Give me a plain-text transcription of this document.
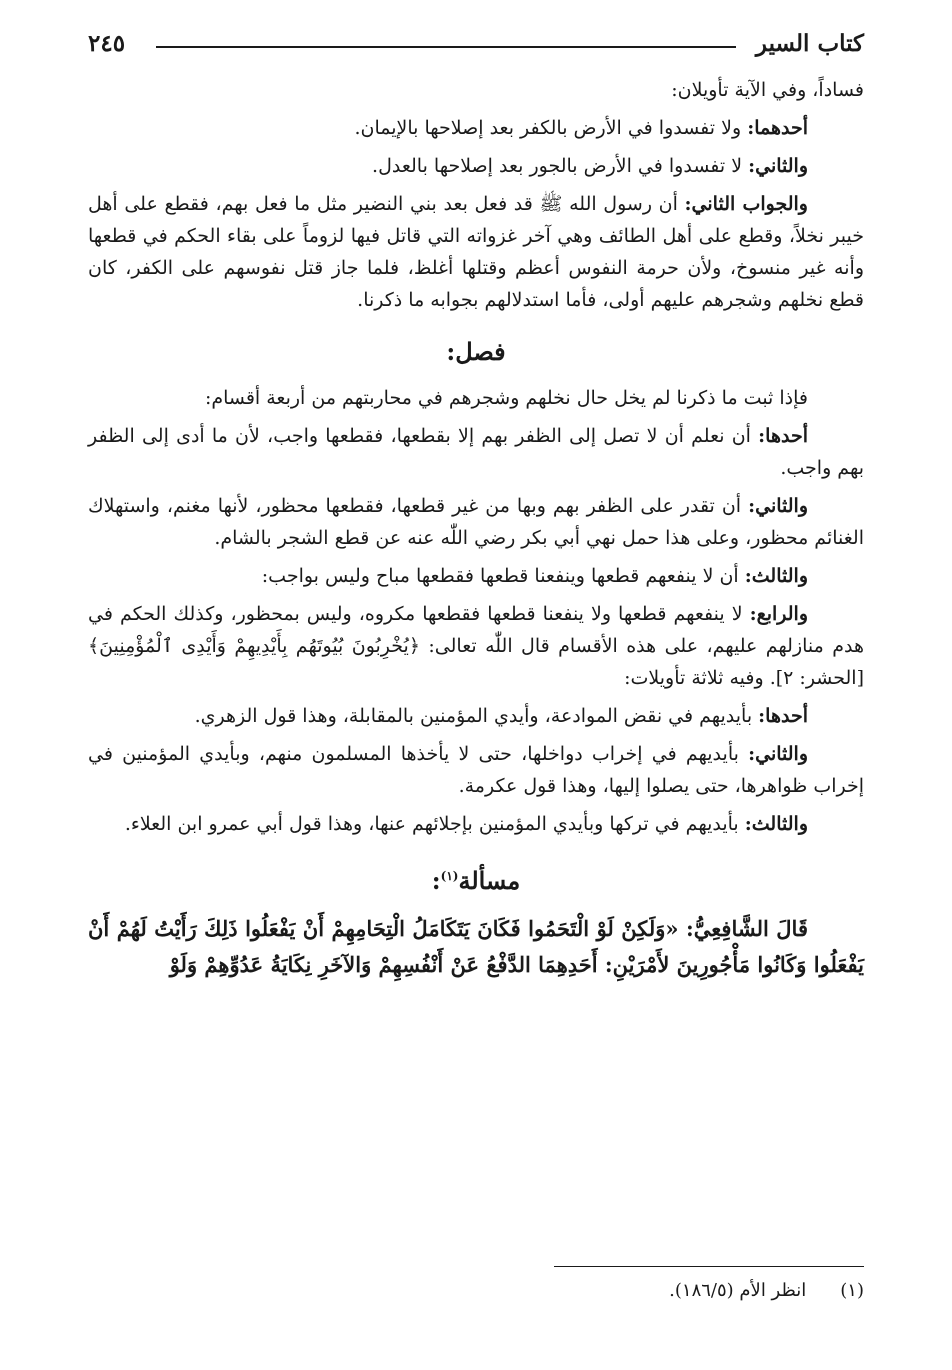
كتاب السير
٢٤٥

فساداً، وفي الآية تأويلان:

أحدهما: ولا تفسدوا في الأرض بالكفر بعد إصلاحها بالإيمان.

والثاني: لا تفسدوا في الأرض بالجور بعد إصلاحها بالعدل.

والجواب الثاني: أن رسول الله ﷺ قد فعل بعد بني النضير مثل ما فعل بهم، فقطع على أهل خيبر نخلاً، وقطع على أهل الطائف وهي آخر غزواته التي قاتل فيها لزوماً على بقاء الحكم في قطعها وأنه غير منسوخ، ولأن حرمة النفوس أعظم وقتلها أغلظ، فلما جاز قتل نفوسهم على الكفر، كان قطع نخلهم وشجرهم عليهم أولى، فأما استدلالهم بجوابه ما ذكرنا.

فصل:

فإذا ثبت ما ذكرنا لم يخل حال نخلهم وشجرهم في محاربتهم من أربعة أقسام:

أحدها: أن نعلم أن لا تصل إلى الظفر بهم إلا بقطعها، فقطعها واجب، لأن ما أدى إلى الظفر بهم واجب.

والثاني: أن تقدر على الظفر بهم وبها من غير قطعها، فقطعها محظور، لأنها مغنم، واستهلاك الغنائم محظور، وعلى هذا حمل نهي أبي بكر رضي اللّٰه عنه عن قطع الشجر بالشام.

والثالث: أن لا ينفعهم قطعها وينفعنا قطعها فقطعها مباح وليس بواجب:

والرابع: لا ينفعهم قطعها ولا ينفعنا قطعها فقطعها مكروه، وليس بمحظور، وكذلك الحكم في هدم منازلهم عليهم، على هذه الأقسام قال اللّٰه تعالى: ﴿يُخْرِبُونَ بُيُوتَهُم بِأَيْدِيهِمْ وَأَيْدِى ٱلْمُؤْمِنِينَ﴾ [الحشر: ٢]. وفيه ثلاثة تأويلات:

أحدها: بأيديهم في نقض الموادعة، وأيدي المؤمنين بالمقابلة، وهذا قول الزهري.

والثاني: بأيديهم في إخراب دواخلها، حتى لا يأخذها المسلمون منهم، وبأيدي المؤمنين في إخراب ظواهرها، حتى يصلوا إليها، وهذا قول عكرمة.

والثالث: بأيديهم في تركها وبأيدي المؤمنين بإجلائهم عنها، وهذا قول أبي عمرو ابن العلاء.

مسألة$^{(١)}$:

قَالَ الشَّافِعِيُّ: «وَلَكِنْ لَوْ الْتَحَمُوا فَكَانَ يَتَكَامَلُ الْتِحَامِهِمْ أَنْ يَفْعَلُوا ذَلِكَ رَأَيْتُ لَهُمْ أَنْ يَفْعَلُوا وَكَانُوا مَأْجُورِينَ لأَمْرَيْنِ: أَحَدِهِمَا الدَّفْعُ عَنْ أَنْفُسِهِمْ وَالآخَرِ نِكَايَةُ عَدُوِّهِمْ وَلَوْ

(١)انظر الأم (١٨٦/٥).
